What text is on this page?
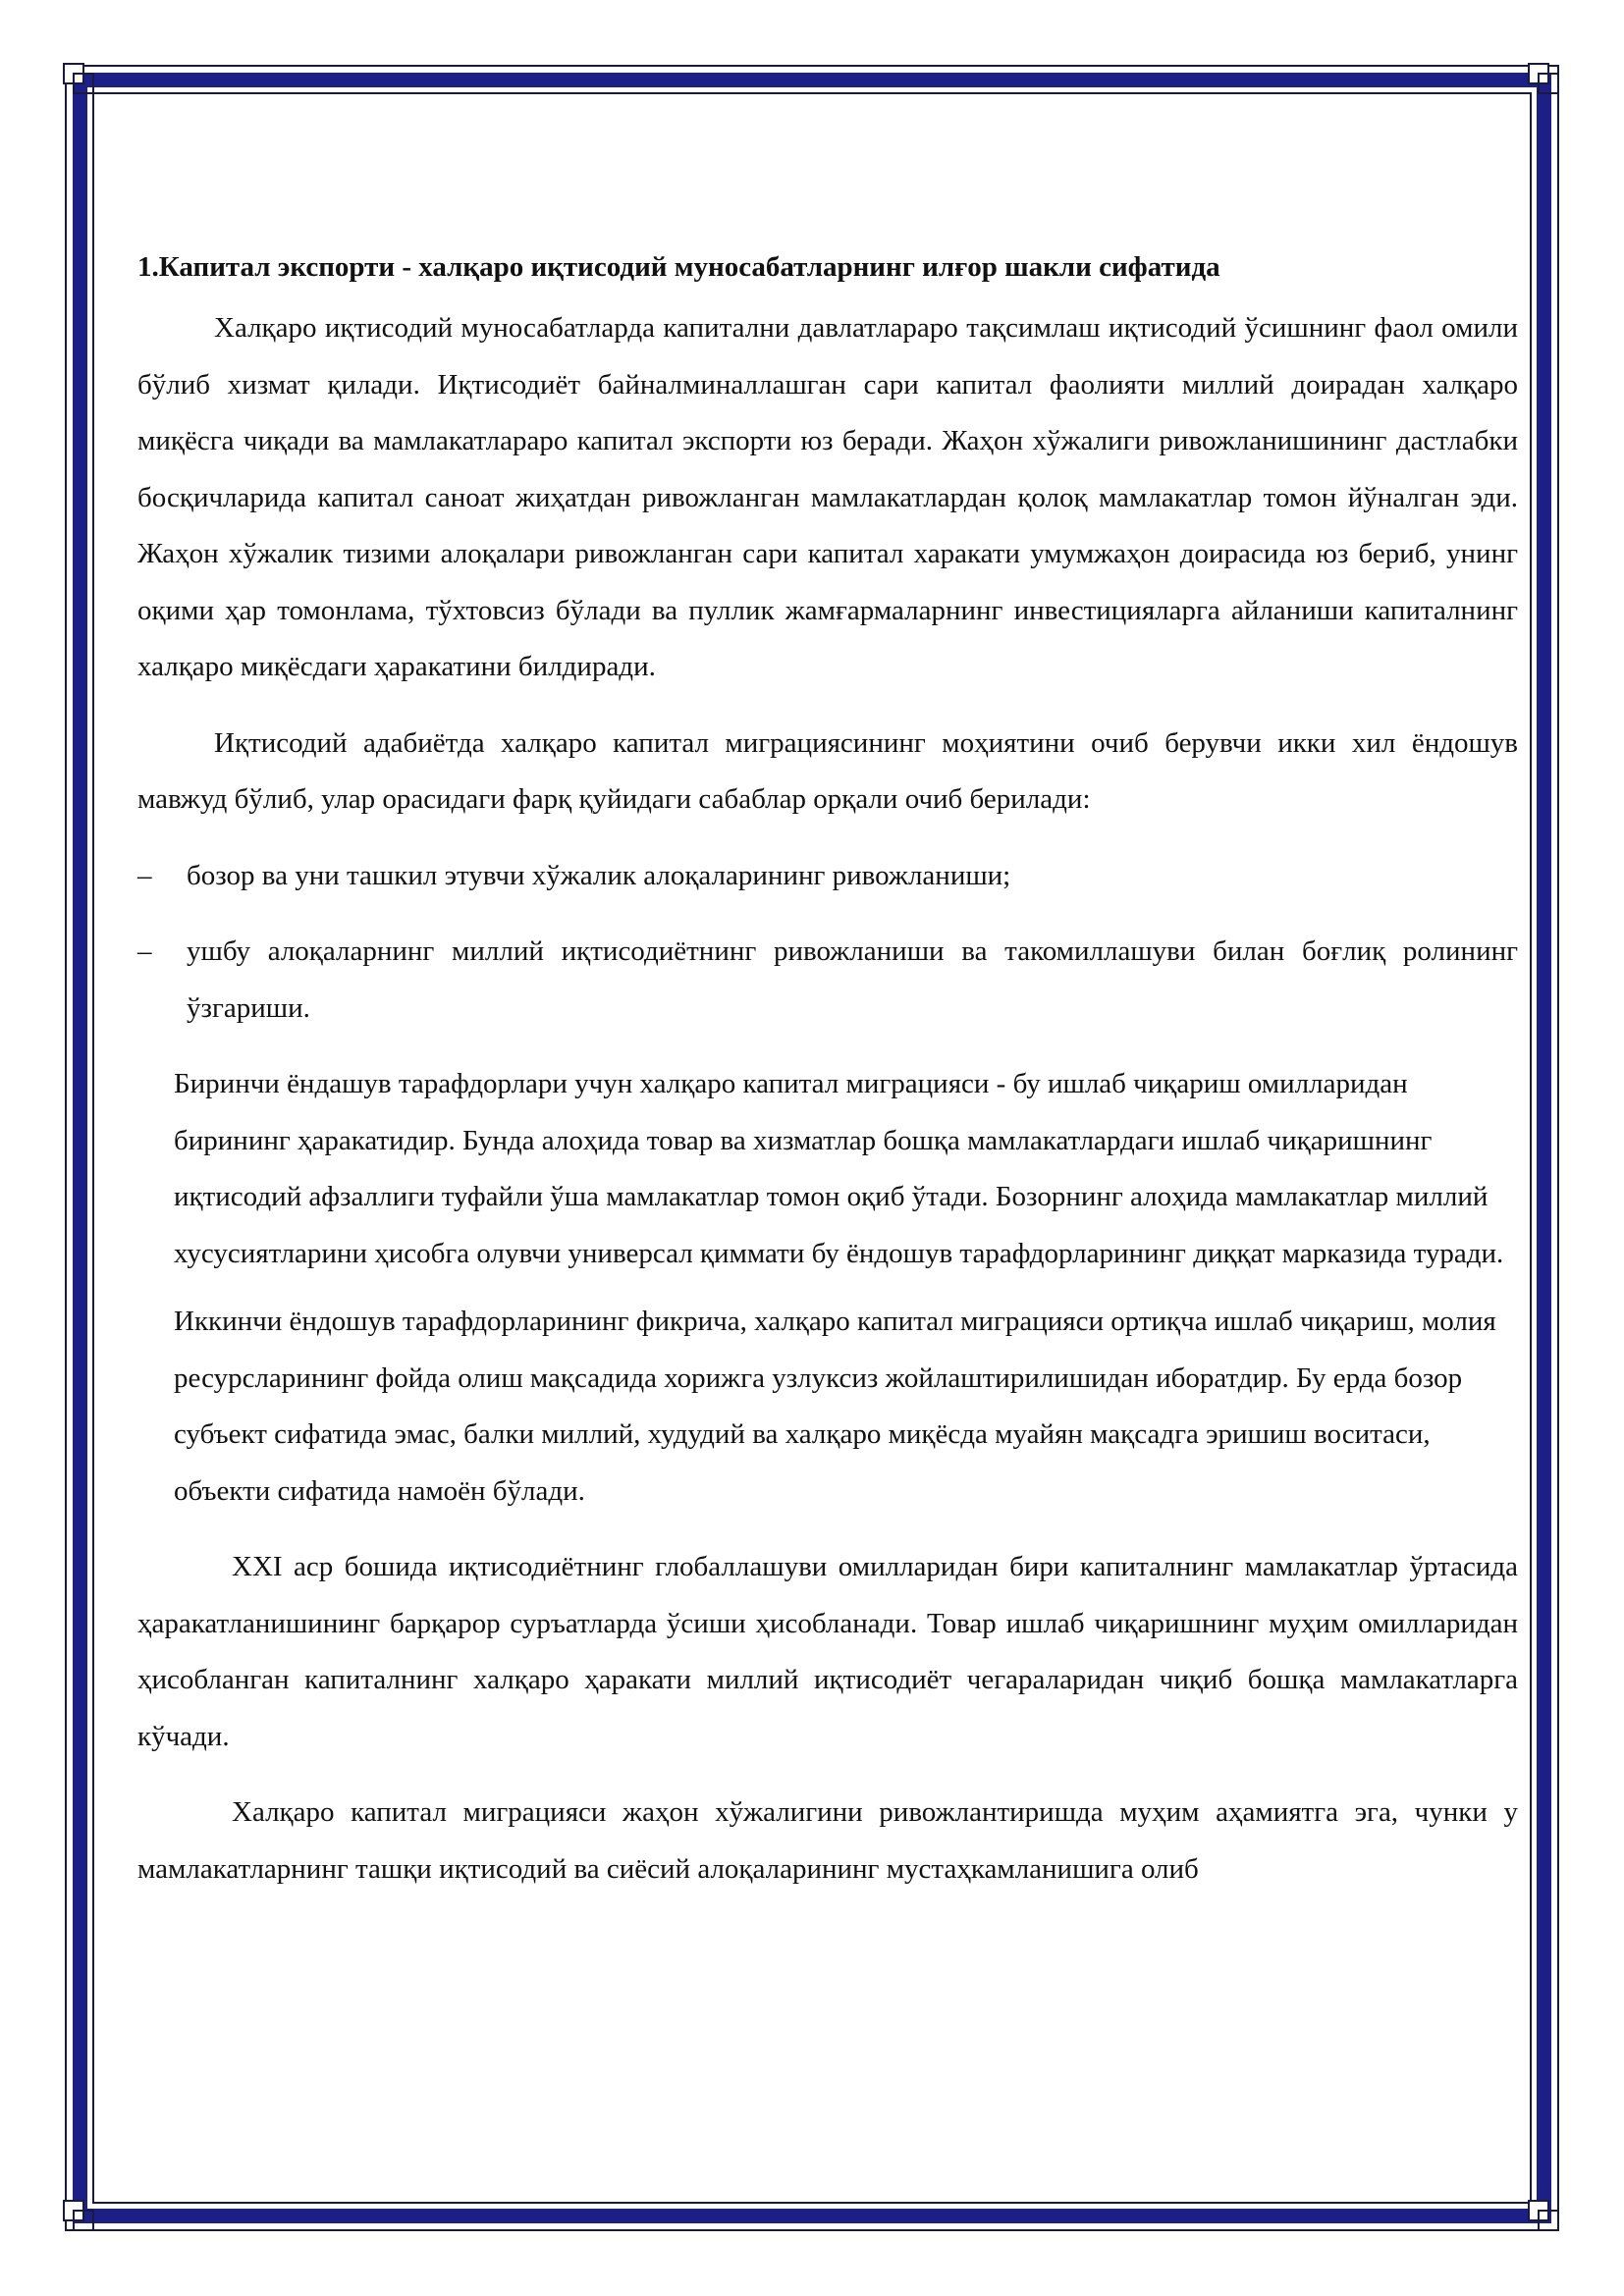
1.Капитал экспорти - халқаро иқтисодий муносабатларнинг илғор шакли сифатида

Халқаро иқтисодий муносабатларда капитални давлатлараро тақсимлаш иқтисодий ўсишнинг фаол омили бўлиб хизмат қилади. Иқтисодиёт байналминаллашган сари капитал фаолияти миллий доирадан халқаро миқёсга чиқади ва мамлакатлараро капитал экспорти юз беради. Жаҳон хўжалиги ривожланишининг дастлабки босқичларида капитал саноат жиҳатдан ривожланган мамлакатлардан қолоқ мамлакатлар томон йўналган эди. Жаҳон хўжалик тизими алоқалари ривожланган сари капитал харакати умумжаҳон доирасида юз бериб, унинг оқими ҳар томонлама, тўхтовсиз бўлади ва пуллик жамғармаларнинг инвестицияларга айланиши капиталнинг халқаро миқёсдаги ҳаракатини билдиради.

Иқтисодий адабиётда халқаро капитал миграциясининг моҳиятини очиб берувчи икки хил ёндошув мавжуд бўлиб, улар орасидаги фарқ қуйидаги сабаблар орқали очиб берилади:

– бозор ва уни ташкил этувчи хўжалик алоқаларининг ривожланиши;
– ушбу алоқаларнинг миллий иқтисодиётнинг ривожланиши ва такомиллашуви билан боғлиқ ролининг ўзгариши.

Биринчи ёндашув тарафдорлари учун халқаро капитал миграцияси - бу ишлаб чиқариш омилларидан бирининг ҳаракатидир. Бунда алоҳида товар ва хизматлар бошқа мамлакатлардаги ишлаб чиқаришнинг иқтисодий афзаллиги туфайли ўша мамлакатлар томон оқиб ўтади. Бозорнинг алоҳида мамлакатлар миллий хусусиятларини ҳисобга олувчи универсал қиммати бу ёндошув тарафдорларининг диққат марказида туради.

Иккинчи ёндошув тарафдорларининг фикрича, халқаро капитал миграцияси ортиқча ишлаб чиқариш, молия ресурсларининг фойда олиш мақсадида хорижга узлуксиз жойлаштирилишидан иборатдир. Бу ерда бозор субъект сифатида эмас, балки миллий, худудий ва халқаро миқёсда муайян мақсадга эришиш воситаси, объекти сифатида намоён бўлади.

XXI аср бошида иқтисодиётнинг глобаллашуви омилларидан бири капиталнинг мамлакатлар ўртасида ҳаракатланишининг барқарор суръатларда ўсиши ҳисобланади. Товар ишлаб чиқаришнинг муҳим омилларидан ҳисобланган капиталнинг халқаро ҳаракати миллий иқтисодиёт чегараларидан чиқиб бошқа мамлакатларга кўчади.

Халқаро капитал миграцияси жаҳон хўжалигини ривожлантиришда муҳим аҳамиятга эга, чунки у мамлакатларнинг ташқи иқтисодий ва сиёсий алоқаларининг мустаҳкамланишига олиб
